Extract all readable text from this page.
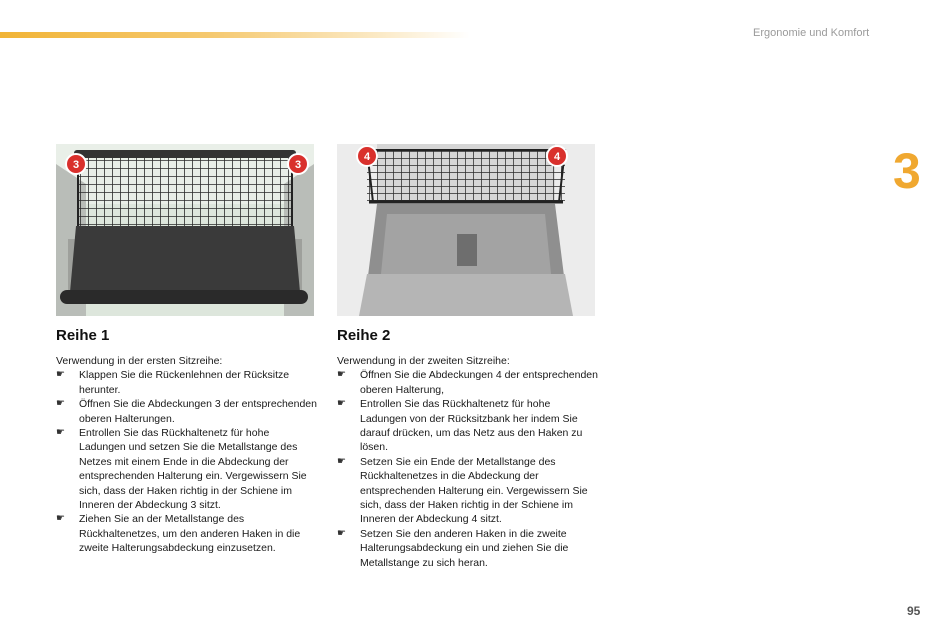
Ergonomie und Komfort
3
95
3	3
4	4
Reihe 1

Verwendung in der ersten Sitzreihe:

☛ Klappen Sie die Rückenlehnen der Rücksitze herunter.
☛ Öffnen Sie die Abdeckungen 3 der entsprechenden oberen Halterungen.
☛ Entrollen Sie das Rückhaltenetz für hohe Ladungen und setzen Sie die Metallstange des Netzes mit einem Ende in die Abdeckung der entsprechenden Halterung ein. Vergewissern Sie sich, dass der Haken richtig in der Schiene im Inneren der Abdeckung 3 sitzt.
☛ Ziehen Sie an der Metallstange des Rückhaltenetzes, um den anderen Haken in die zweite Halterungsabdeckung einzusetzen.
Reihe 2

Verwendung in der zweiten Sitzreihe:

☛ Öffnen Sie die Abdeckungen 4 der entsprechenden oberen Halterung,
☛ Entrollen Sie das Rückhaltenetz für hohe Ladungen von der Rücksitzbank her indem Sie darauf drücken, um das Netz aus den Haken zu lösen.
☛ Setzen Sie ein Ende der Metallstange des Rückhaltenetzes in die Abdeckung der entsprechenden Halterung ein. Vergewissern Sie sich, dass der Haken richtig in der Schiene im Inneren der Abdeckung 4 sitzt.
☛ Setzen Sie den anderen Haken in die zweite Halterungsabdeckung ein und ziehen Sie die Metallstange zu sich heran.
